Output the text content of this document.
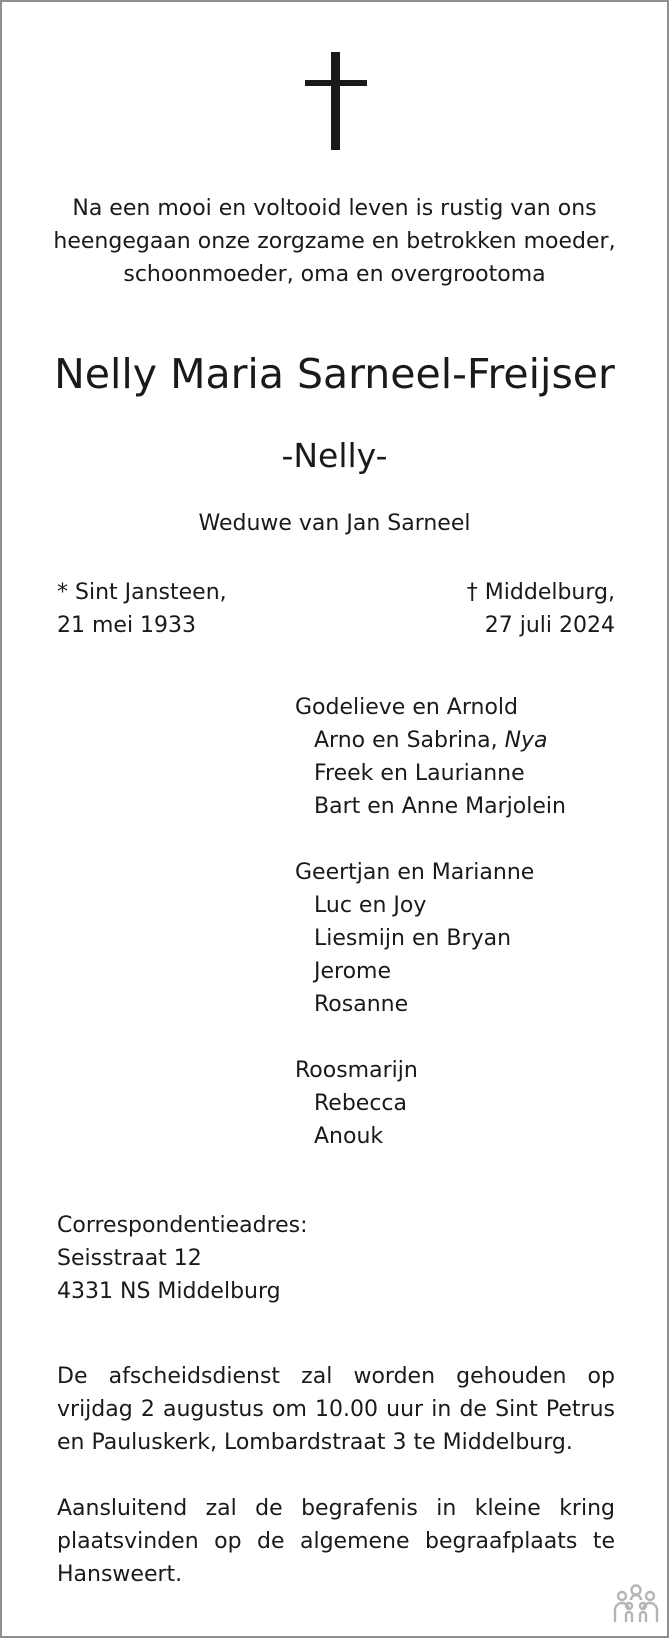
Na een mooi en voltooid leven is rustig van ons
heengegaan onze zorgzame en betrokken moeder,
schoonmoeder, oma en overgrootoma
Nelly Maria Sarneel-Freijser
-Nelly-
Weduwe van Jan Sarneel
* Sint Jansteen,
21 mei 1933
† Middelburg,
27 juli 2024
Godelieve en Arnold
Arno en Sabrina, Nya
Freek en Laurianne
Bart en Anne Marjolein
Geertjan en Marianne
Luc en Joy
Liesmijn en Bryan
Jerome
Rosanne
Roosmarijn
Rebecca
Anouk
Correspondentieadres:
Seisstraat 12
4331 NS Middelburg
De afscheidsdienst zal worden gehouden op vrijdag 2 augustus om 10.00 uur in de Sint Petrus en Pauluskerk, Lombardstraat 3 te Middelburg.
Aansluitend zal de begrafenis in kleine kring plaatsvinden op de algemene begraafplaats te Hansweert.
